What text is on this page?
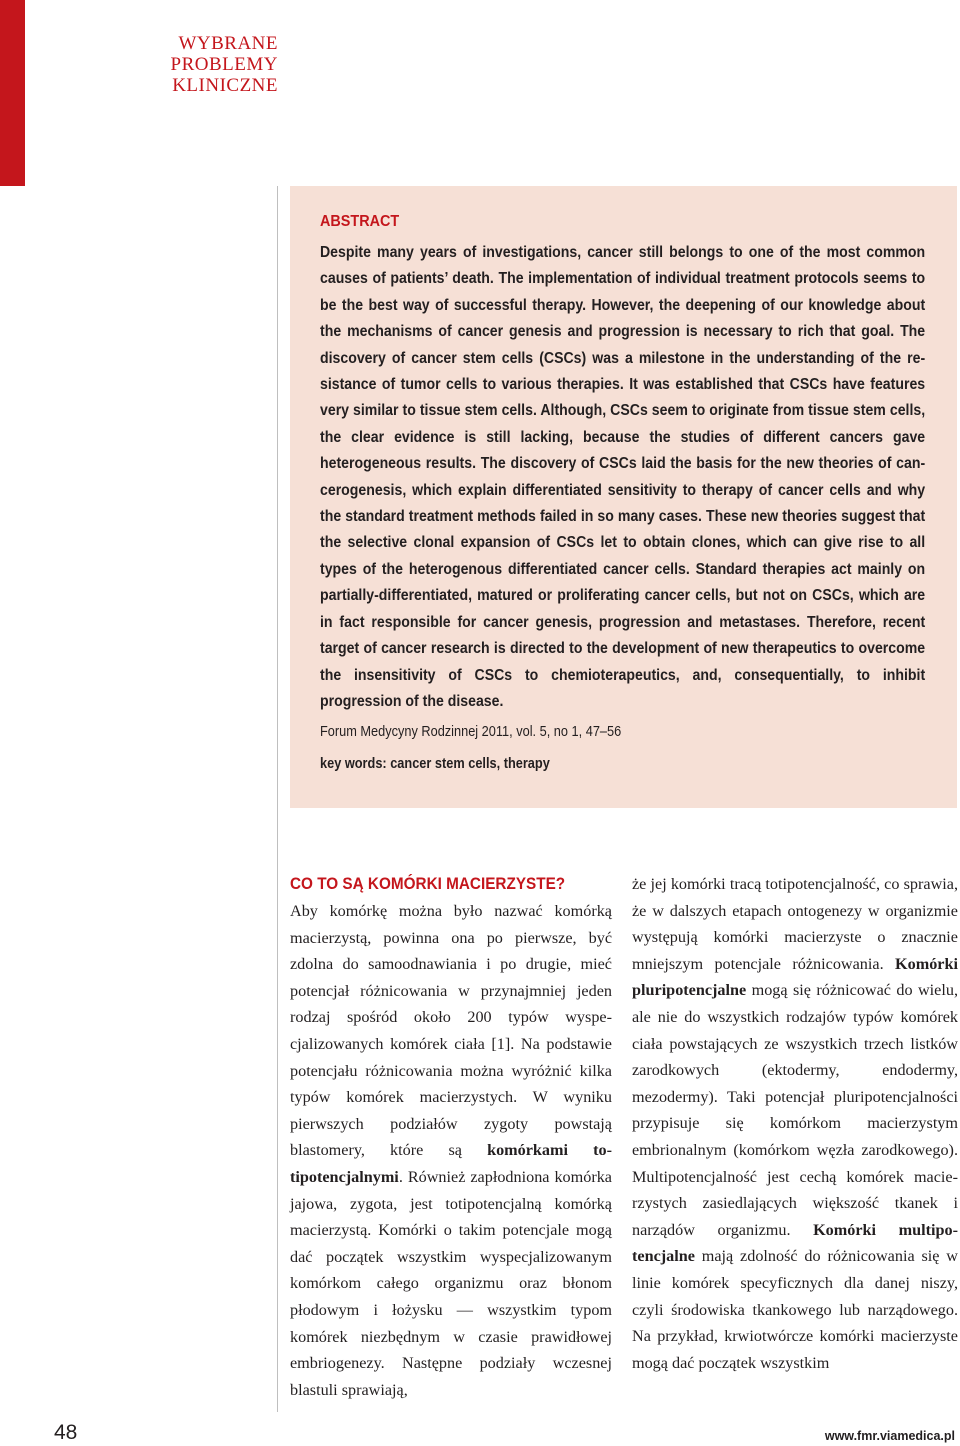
WYBRANE
PROBLEMY
KLINICZNE
ABSTRACT

Despite many years of investigations, cancer still belongs to one of the most common causes of patients’ death. The implementation of individual treatment protocols seems to be the best way of successful therapy. However, the deepening of our knowledge about the mechanisms of cancer genesis and progression is necessary to rich that goal. The discovery of cancer stem cells (CSCs) was a milestone in the understanding of the resistance of tumor cells to various therapies. It was established that CSCs have features very similar to tissue stem cells. Although, CSCs seem to originate from tissue stem cells, the clear evidence is still lacking, because the studies of different cancers gave heterogeneous results. The discovery of CSCs laid the basis for the new theories of cancerogenesis, which explain differentiated sensitivity to therapy of cancer cells and why the standard treatment methods failed in so many cases. These new theories suggest that the selective clonal expansion of CSCs let to obtain clones, which can give rise to all types of the heterogenous differentiated cancer cells. Standard therapies act mainly on partially-differentiated, matured or proliferating cancer cells, but not on CSCs, which are in fact responsible for cancer genesis, progression and metastases. Therefore, recent target of cancer research is directed to the development of new therapeutics to overcome the insensitivity of CSCs to chemioterapeutics, and, consequentially, to inhibit progression of the disease.

Forum Medycyny Rodzinnej 2011, vol. 5, no 1, 47–56
key words: cancer stem cells, therapy
CO TO SĄ KOMÓRKI MACIERZYSTE?

Aby komórkę można było nazwać komórką macierzystą, powinna ona po pierwsze, być zdolna do samoodnawiania i po drugie, mieć potencjał różnicowania w przynajmniej jeden rodzaj spośród około 200 typów wyspecjalizowanych komórek ciała [1]. Na podstawie potencjału różnicowania można wyróżnić kilka typów komórek macierzystych. W wyniku pierwszych podziałów zygoty powstają blastomery, które są komórkami totipotencjalnymi. Również zapłodniona komórka jajowa, zygota, jest totipotencjalną komórką macierzystą. Komórki o takim potencjale mogą dać początek wszystkim wyspecjalizowanym komórkom całego organizmu oraz błonom płodowym i łożysku — wszystkim typom komórek niezbędnym w czasie prawidłowej embriogenezy. Następne podziały wczesnej blastuli sprawiają,

że jej komórki tracą totipotencjalność, co sprawia, że w dalszych etapach ontogenezy w organizmie występują komórki macierzyste o znacznie mniejszym potencjale różnicowania. Komórki pluripotencjalne mogą się różnicować do wielu, ale nie do wszystkich rodzajów typów komórek ciała powstających ze wszystkich trzech listków zarodkowych (ektodermy, endodermy, mezodermy). Taki potencjał pluripotencjalności przypisuje się komórkom macierzystym embrionalnym (komórkom węzła zarodkowego). Multipotencjalność jest cechą komórek macierzystych zasiedlających większość tkanek i narządów organizmu. Komórki multipotencjalne mają zdolność do różnicowania się w linie komórek specyficznych dla danej niszy, czyli środowiska tkankowego lub narządowego. Na przykład, krwiotwórcze komórki macierzyste mogą dać początek wszystkim

48	www.fmr.viamedica.pl
